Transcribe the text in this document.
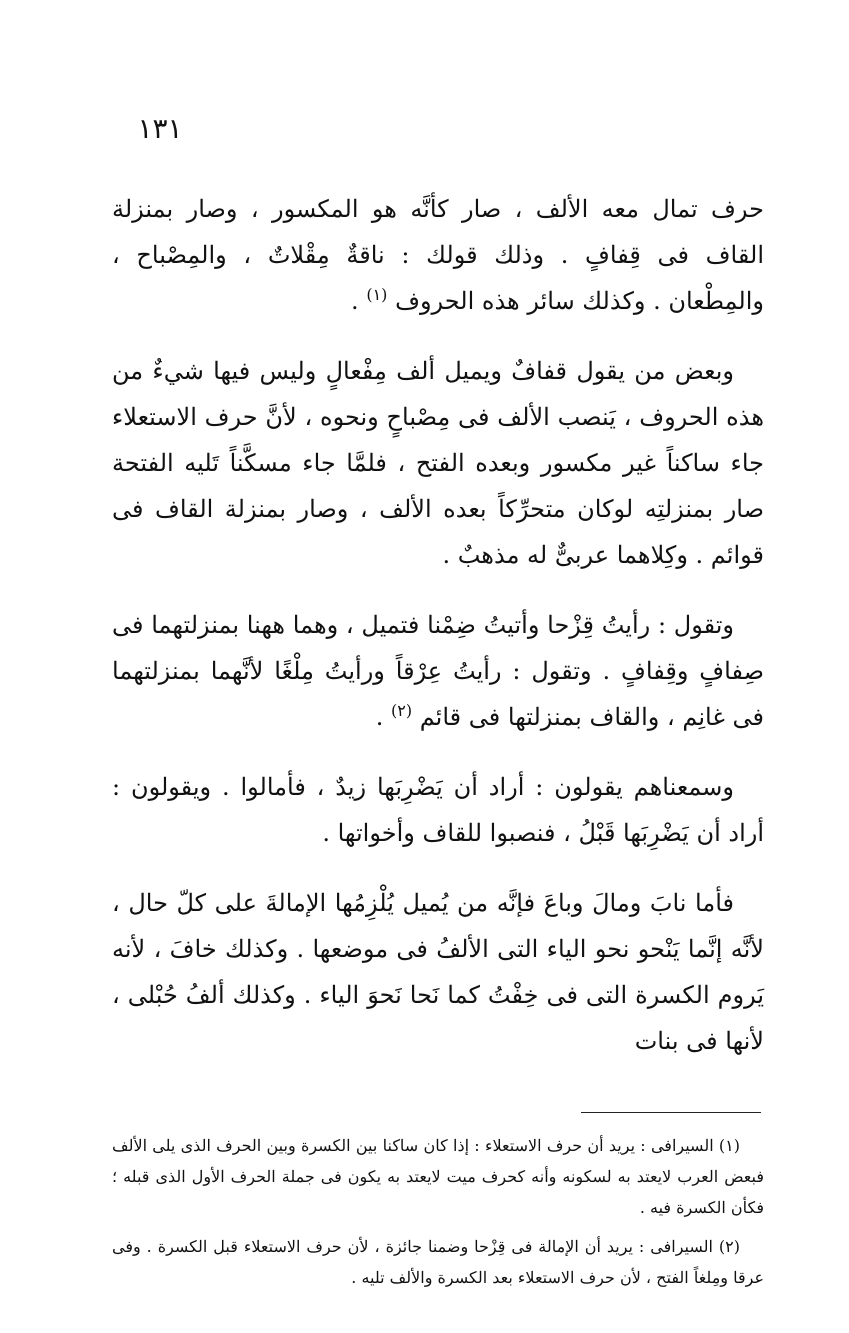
١٣١

حرف تمال معه الألف ، صار كأنَّه هو المكسور ، وصار بمنزلة القاف فى قِفافٍ . وذلك قولك : ناقةٌ مِقْلاتٌ ، والمِصْباح ، والمِطْعان . وكذلك سائر هذه الحروف $^{(١)}$ .

وبعض من يقول قفافٌ ويميل ألف مِفْعالٍ وليس فيها شيءٌ من هذه الحروف ، يَنصب الألف فى مِصْباحٍ ونحوه ، لأنَّ حرف الاستعلاء جاء ساكناً غير مكسور وبعده الفتح ، فلمَّا جاء مسكَّناً تَليه الفتحة صار بمنزلتِه لوكان متحرِّكاً بعده الألف ، وصار بمنزلة القاف فى قوائم . وكِلاهما عربىٌّ له مذهبٌ .

وتقول : رأيتُ قِزْحا وأتيتُ ضِمْنا فتميل ، وهما ههنا بمنزلتهما فى صِفافٍ وقِفافٍ . وتقول : رأيتُ عِرْقاً ورأيتُ مِلْغًا لأنَّهما بمنزلتهما فى غانِم ، والقاف بمنزلتها فى قائم $^{(٢)}$ .

وسمعناهم يقولون : أراد أن يَضْرِبَها زيدٌ ، فأمالوا . ويقولون : أراد أن يَضْرِبَها قَبْلُ ، فنصبوا للقاف وأخواتها .

فأما نابَ ومالَ وباعَ فإنَّه من يُميل يُلْزِمُها الإمالةَ على كلّ حال ، لأنَّه إنَّما يَنْحو نحو الياء التى الألفُ فى موضعها . وكذلك خافَ ، لأنه يَروم الكسرة التى فى خِفْتُ كما نَحا نَحوَ الياء . وكذلك ألفُ حُبْلى ، لأنها فى بنات

(١) السيرافى : يريد أن حرف الاستعلاء : إذا كان ساكنا بين الكسرة وبين الحرف الذى يلى الألف فبعض العرب لايعتد به لسكونه وأنه كحرف ميت لايعتد به يكون فى جملة الحرف الأول الذى قبله ؛ فكأن الكسرة فيه .

(٢) السيرافى : يريد أن الإمالة فى قِزْحا وضمنا جائزة ، لأن حرف الاستعلاء قبل الكسرة . وفى عرقا ومِلغاً الفتح ، لأن حرف الاستعلاء بعد الكسرة والألف تليه .
